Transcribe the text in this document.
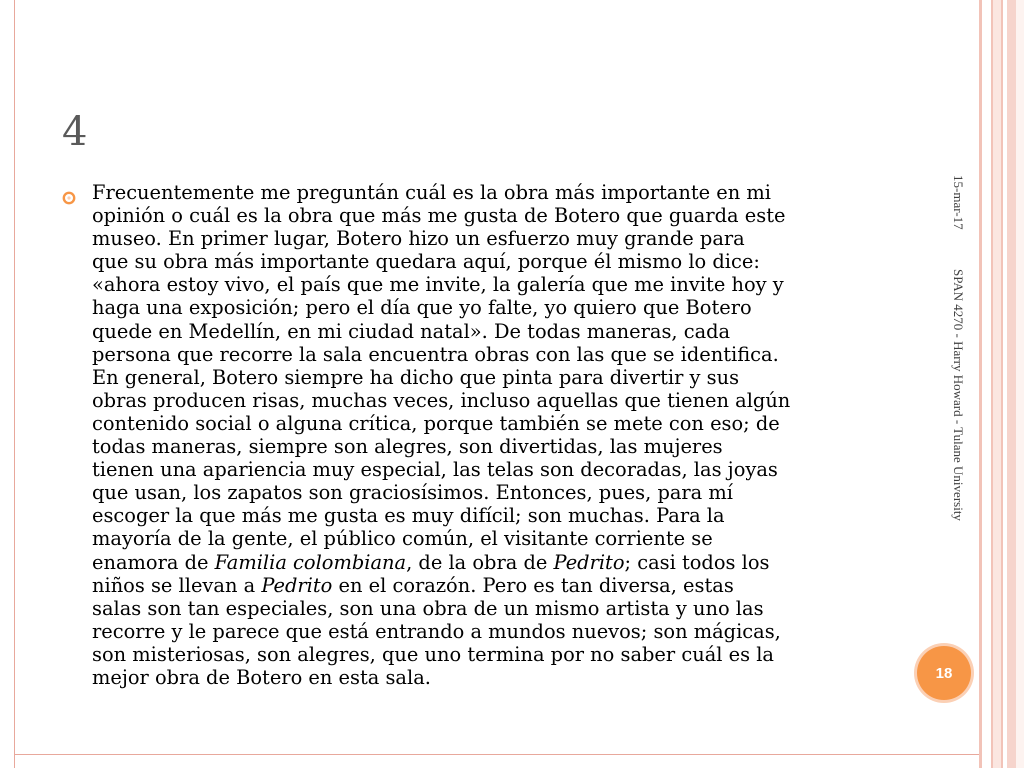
4
Frecuentemente me preguntán cuál es la obra más importante en mi
opinión o cuál es la obra que más me gusta de Botero que guarda este
museo. En primer lugar, Botero hizo un esfuerzo muy grande para
que su obra más importante quedara aquí, porque él mismo lo dice:
«ahora estoy vivo, el país que me invite, la galería que me invite hoy y
haga una exposición; pero el día que yo falte, yo quiero que Botero
quede en Medellín, en mi ciudad natal». De todas maneras, cada
persona que recorre la sala encuentra obras con las que se identifica.
En general, Botero siempre ha dicho que pinta para divertir y sus
obras producen risas, muchas veces, incluso aquellas que tienen algún
contenido social o alguna crítica, porque también se mete con eso; de
todas maneras, siempre son alegres, son divertidas, las mujeres
tienen una apariencia muy especial, las telas son decoradas, las joyas
que usan, los zapatos son graciosísimos. Entonces, pues, para mí
escoger la que más me gusta es muy difícil; son muchas. Para la
mayoría de la gente, el público común, el visitante corriente se
enamora de Familia colombiana, de la obra de Pedrito; casi todos los
niños se llevan a Pedrito en el corazón. Pero es tan diversa, estas
salas son tan especiales, son una obra de un mismo artista y uno las
recorre y le parece que está entrando a mundos nuevos; son mágicas,
son misteriosas, son alegres, que uno termina por no saber cuál es la
mejor obra de Botero en esta sala.
15-mar-17
SPAN 4270 - Harry Howard - Tulane University
18
